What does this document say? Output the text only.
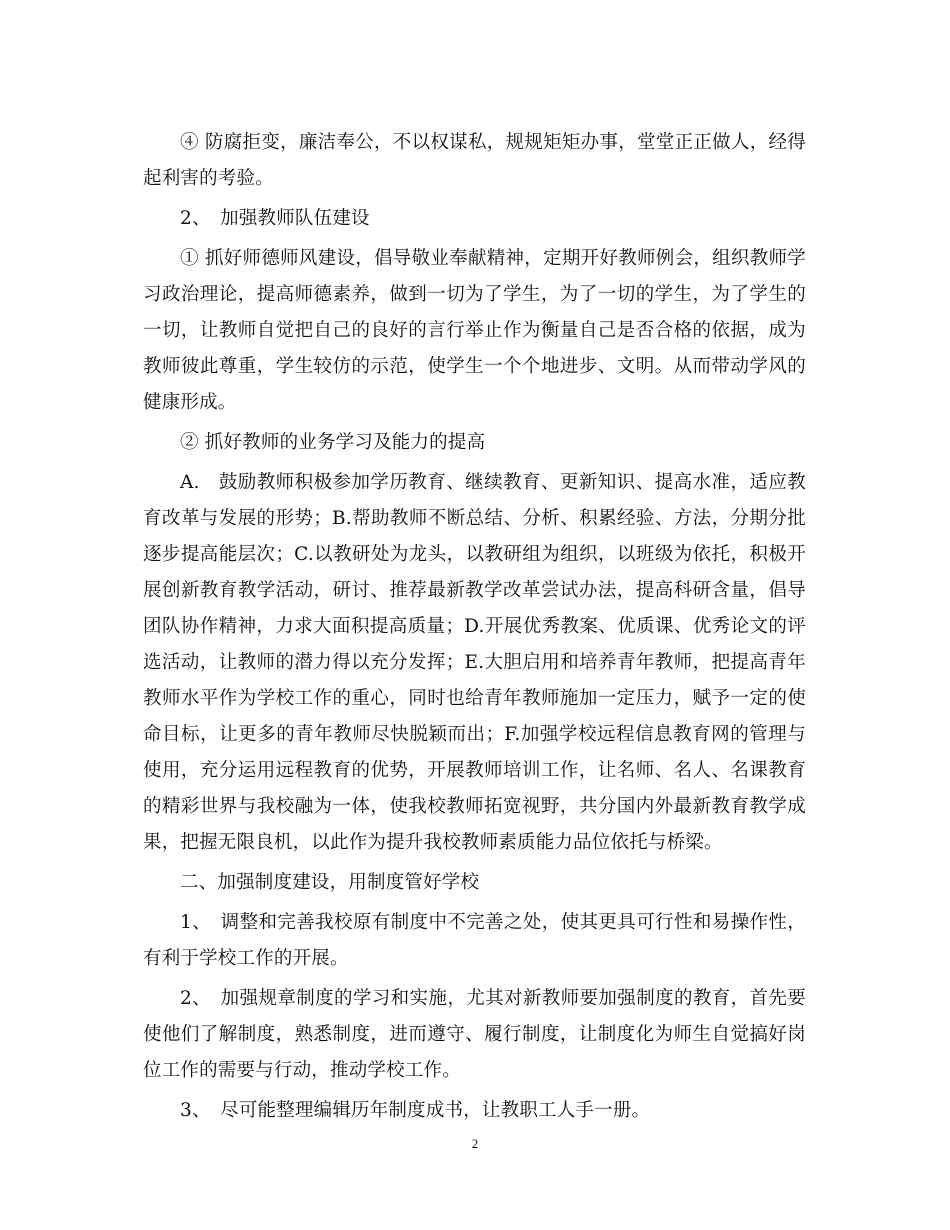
④ 防腐拒变，廉洁奉公，不以权谋私，规规矩矩办事，堂堂正正做人，经得起利害的考验。

2、　加强教师队伍建设

① 抓好师德师风建设，倡导敬业奉献精神，定期开好教师例会，组织教师学习政治理论，提高师德素养，做到一切为了学生，为了一切的学生，为了学生的一切，让教师自觉把自己的良好的言行举止作为衡量自己是否合格的依据，成为教师彼此尊重，学生较仿的示范，使学生一个个地进步、文明。从而带动学风的健康形成。

② 抓好教师的业务学习及能力的提高

A.　鼓励教师积极参加学历教育、继续教育、更新知识、提高水准，适应教育改革与发展的形势；B.帮助教师不断总结、分析、积累经验、方法，分期分批逐步提高能层次；C.以教研处为龙头，以教研组为组织，以班级为依托，积极开展创新教育教学活动，研讨、推荐最新教学改革尝试办法，提高科研含量，倡导团队协作精神，力求大面积提高质量；D.开展优秀教案、优质课、优秀论文的评选活动，让教师的潜力得以充分发挥；E.大胆启用和培养青年教师，把提高青年教师水平作为学校工作的重心，同时也给青年教师施加一定压力，赋予一定的使命目标，让更多的青年教师尽快脱颖而出；F.加强学校远程信息教育网的管理与使用，充分运用远程教育的优势，开展教师培训工作，让名师、名人、名课教育的精彩世界与我校融为一体，使我校教师拓宽视野，共分国内外最新教育教学成果，把握无限良机，以此作为提升我校教师素质能力品位依托与桥梁。

二、加强制度建设，用制度管好学校

1、　调整和完善我校原有制度中不完善之处，使其更具可行性和易操作性，有利于学校工作的开展。

2、　加强规章制度的学习和实施，尤其对新教师要加强制度的教育，首先要使他们了解制度，熟悉制度，进而遵守、履行制度，让制度化为师生自觉搞好岗位工作的需要与行动，推动学校工作。

3、　尽可能整理编辑历年制度成书，让教职工人手一册。

2
